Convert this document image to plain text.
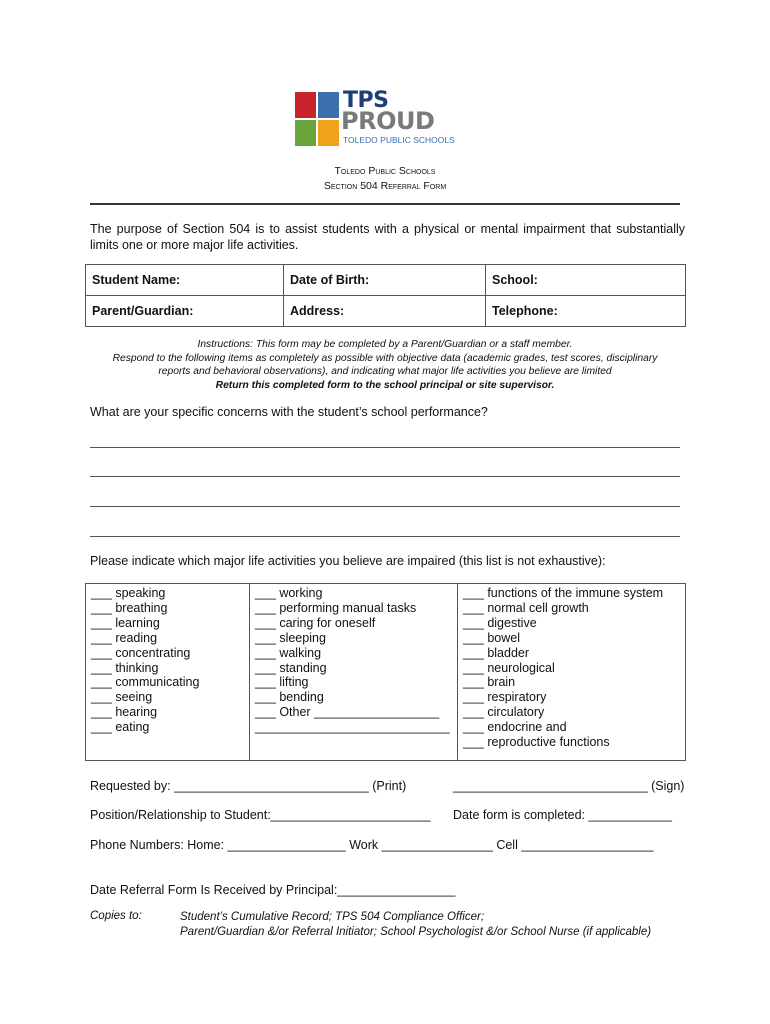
TPS
PROUD
TOLEDO PUBLIC SCHOOLS
Toledo Public Schools
Section 504 Referral Form
The purpose of Section 504 is to assist students with a physical or mental impairment that substantially limits one or more major life activities.
Student Name:	Date of Birth:	School:
Parent/Guardian:	Address:	Telephone:
Instructions: This form may be completed by a Parent/Guardian or a staff member.
Respond to the following items as completely as possible with objective data (academic grades, test scores, disciplinary
reports and behavioral observations), and indicating what major life activities you believe are limited
Return this completed form to the school principal or site supervisor.
What are your specific concerns with the student’s school performance?
Please indicate which major life activities you believe are impaired (this list is not exhaustive):
___ speaking
___ breathing
___ learning
___ reading
___ concentrating
___ thinking
___ communicating
___ seeing
___ hearing
___ eating
___ working
___ performing manual tasks
___ caring for oneself
___ sleeping
___ walking
___ standing
___ lifting
___ bending
___ Other __________________
____________________________
___ functions of the immune system
___ normal cell growth
___ digestive
___ bowel
___ bladder
___ neurological
___ brain
___ respiratory
___ circulatory
___ endocrine and
___ reproductive functions
Requested by: ____________________________ (Print)	____________________________ (Sign)
Position/Relationship to Student:_______________________ Date form is completed: ____________
Phone Numbers: Home: _________________ Work ________________ Cell ___________________
Date Referral Form Is Received by Principal:_________________
Copies to:	Student’s Cumulative Record; TPS 504 Compliance Officer;
Parent/Guardian &/or Referral Initiator; School Psychologist &/or School Nurse (if applicable)
